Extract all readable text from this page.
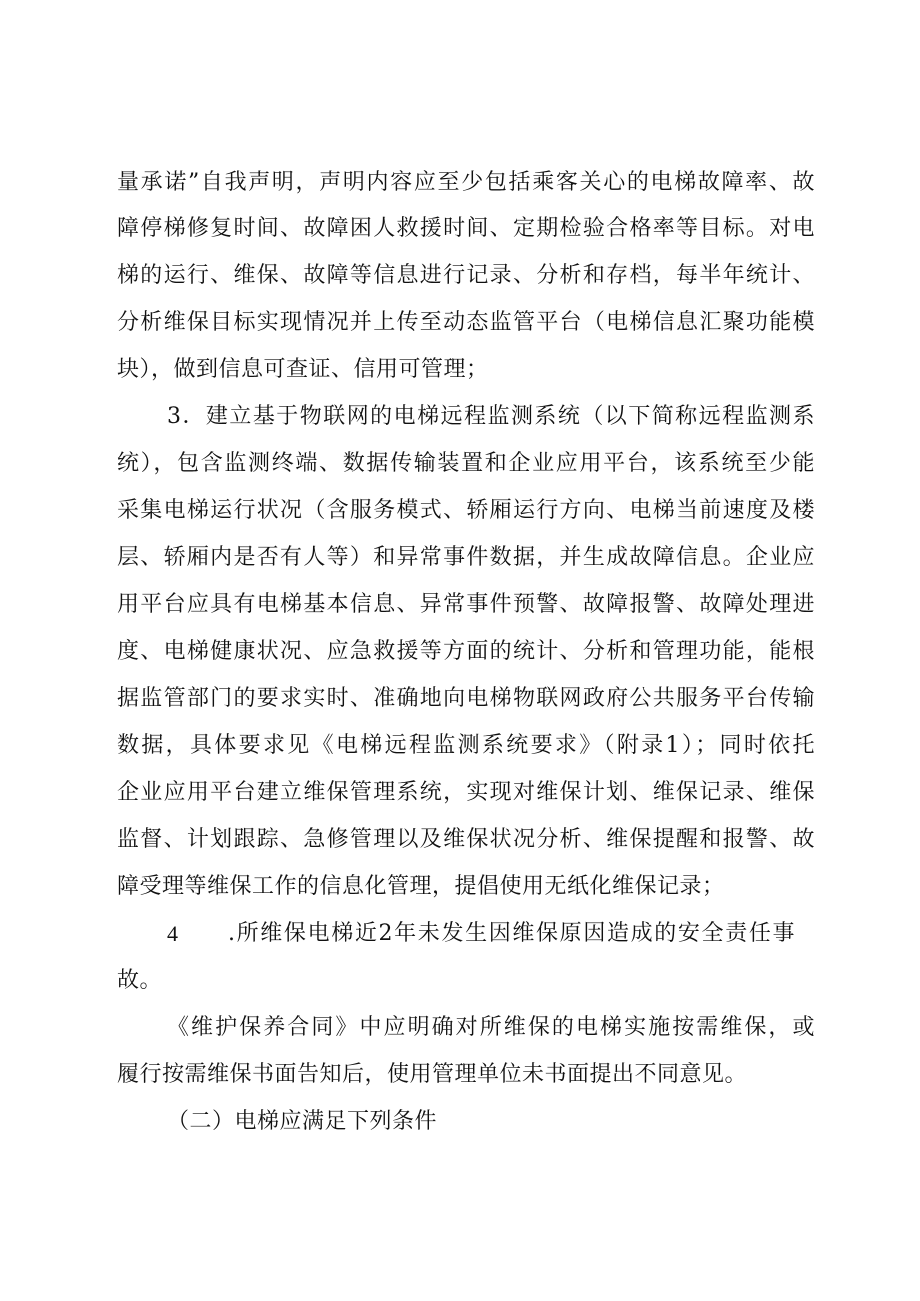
量承诺”自我声明，声明内容应至少包括乘客关心的电梯故障率、故
障停梯修复时间、故障困人救援时间、定期检验合格率等目标。对电
梯的运行、维保、故障等信息进行记录、分析和存档，每半年统计、
分析维保目标实现情况并上传至动态监管平台（电梯信息汇聚功能模
块），做到信息可查证、信用可管理；
3．建立基于物联网的电梯远程监测系统（以下简称远程监测系
统），包含监测终端、数据传输装置和企业应用平台，该系统至少能
采集电梯运行状况（含服务模式、轿厢运行方向、电梯当前速度及楼
层、轿厢内是否有人等）和异常事件数据，并生成故障信息。企业应
用平台应具有电梯基本信息、异常事件预警、故障报警、故障处理进
度、电梯健康状况、应急救援等方面的统计、分析和管理功能，能根
据监管部门的要求实时、准确地向电梯物联网政府公共服务平台传输
数据，具体要求见《电梯远程监测系统要求》（附录1）；同时依托
企业应用平台建立维保管理系统，实现对维保计划、维保记录、维保
监督、计划跟踪、急修管理以及维保状况分析、维保提醒和报警、故
障受理等维保工作的信息化管理，提倡使用无纸化维保记录；
4 .所维保电梯近2年未发生因维保原因造成的安全责任事
故。
《维护保养合同》中应明确对所维保的电梯实施按需维保，或
履行按需维保书面告知后，使用管理单位未书面提出不同意见。
（二）电梯应满足下列条件
